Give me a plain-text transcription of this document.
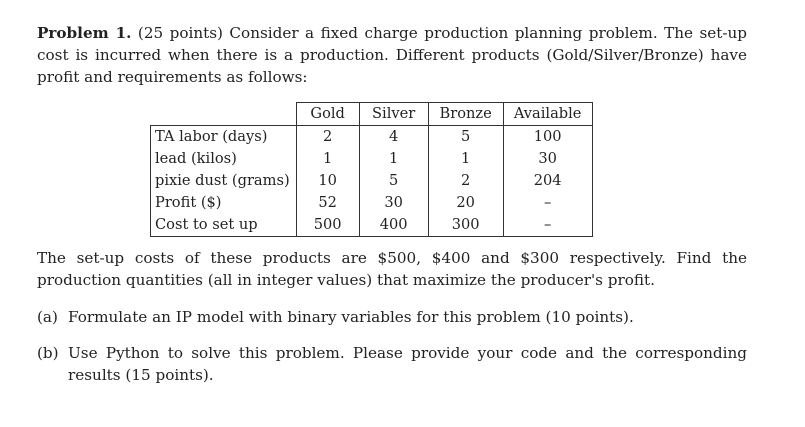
Problem 1. (25 points) Consider a fixed charge production planning problem. The set-up cost is incurred when there is a production. Different products (Gold/Silver/Bronze) have profit and requirements as follows:

	Gold	Silver	Bronze	Available
TA labor (days)	2	4	5	100
lead (kilos)	1	1	1	30
pixie dust (grams)	10	5	2	204
Profit ($)	52	30	20	–
Cost to set up	500	400	300	–

The set-up costs of these products are $500, $400 and $300 respectively. Find the production quantities (all in integer values) that maximize the producer's profit.

(a) Formulate an IP model with binary variables for this problem (10 points).

(b) Use Python to solve this problem. Please provide your code and the corresponding results (15 points).
